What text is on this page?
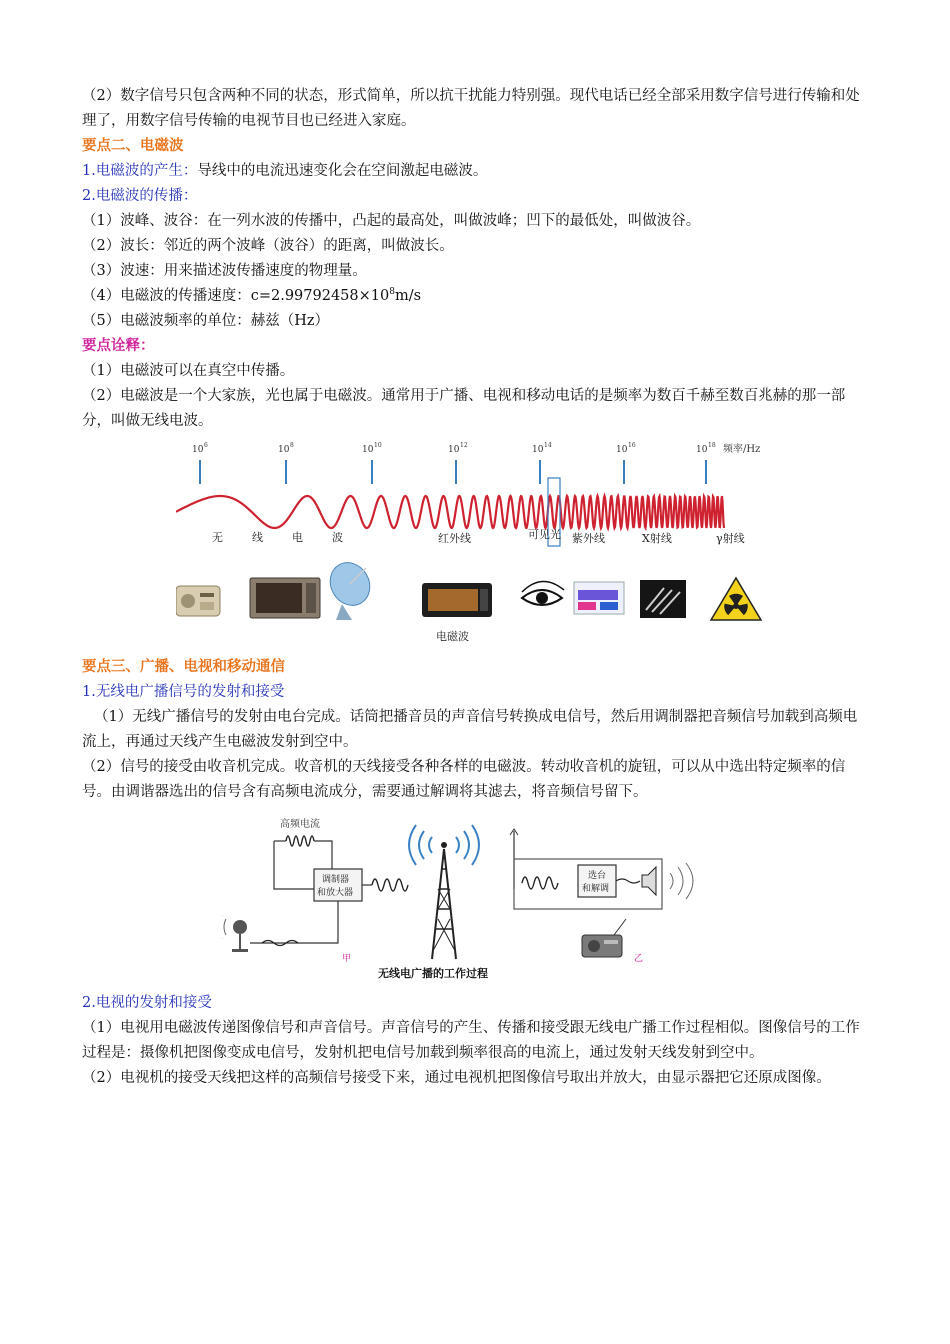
（2）数字信号只包含两种不同的状态，形式简单，所以抗干扰能力特别强。现代电话已经全部采用数字信号进行传输和处理了，用数字信号传输的电视节目也已经进入家庭。

要点二、电磁波

1.电磁波的产生：导线中的电流迅速变化会在空间激起电磁波。

2.电磁波的传播：

（1）波峰、波谷：在一列水波的传播中，凸起的最高处，叫做波峰；凹下的最低处，叫做波谷。

（2）波长：邻近的两个波峰（波谷）的距离，叫做波长。

（3）波速：用来描述波传播速度的物理量。

（4）电磁波的传播速度：$c=2.99792458\times 10^8m/s$

（5）电磁波频率的单位：赫兹（Hz）

要点诠释：

（1）电磁波可以在真空中传播。

（2）电磁波是一个大家族，光也属于电磁波。通常用于广播、电视和移动电话的是频率为数百千赫至数百兆赫的那一部分，叫做无线电波。

10 6	10 8	10 10	10 12	10 14	10 16	10 18 频率/Hz
无	线	电	波	红外线	可见光 紫外线	X射线	γ射线
电磁波
要点三、广播、电视和移动通信

1.无线电广播信号的发射和接受

（1）无线广播信号的发射由电台完成。话筒把播音员的声音信号转换成电信号，然后用调制器把音频信号加载到高频电流上，再通过天线产生电磁波发射到空中。

（2）信号的接受由收音机完成。收音机的天线接受各种各样的电磁波。转动收音机的旋钮，可以从中选出特定频率的信号。由调谐器选出的信号含有高频电流成分，需要通过解调将其滤去，将音频信号留下。

高频电流
调制器
和放大器
甲
选台
和解调
乙
无线电广播的工作过程

2.电视的发射和接受

（1）电视用电磁波传递图像信号和声音信号。声音信号的产生、传播和接受跟无线电广播工作过程相似。图像信号的工作过程是：摄像机把图像变成电信号，发射机把电信号加载到频率很高的电流上，通过发射天线发射到空中。

（2）电视机的接受天线把这样的高频信号接受下来，通过电视机把图像信号取出并放大，由显示器把它还原成图像。
